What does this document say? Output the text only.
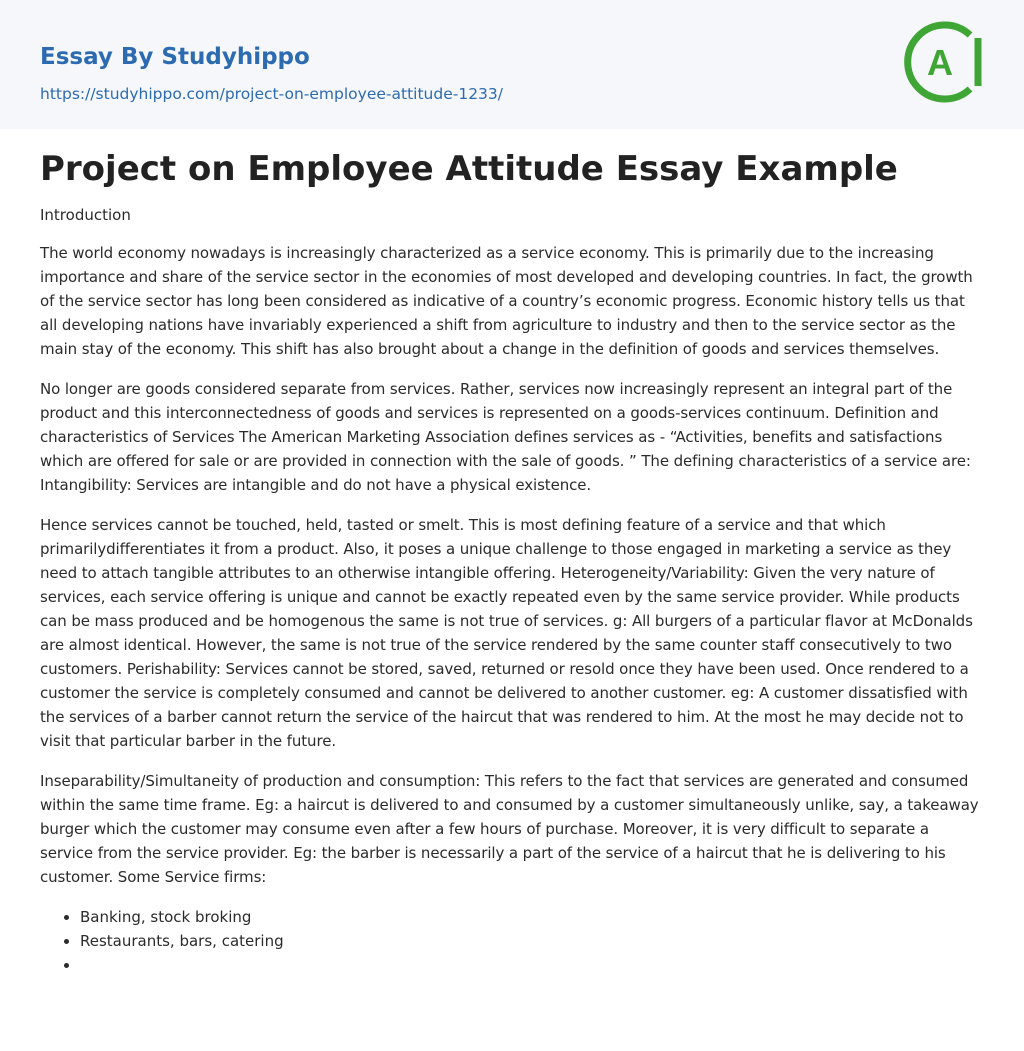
Essay By Studyhippo
https://studyhippo.com/project-on-employee-attitude-1233/
A
Project on Employee Attitude Essay Example
Introduction

The world economy nowadays is increasingly characterized as a service economy. This is primarily due to the increasing importance and share of the service sector in the economies of most developed and developing countries. In fact, the growth of the service sector has long been considered as indicative of a country’s economic progress. Economic history tells us that all developing nations have invariably experienced a shift from agriculture to industry and then to the service sector as the main stay of the economy. This shift has also brought about a change in the definition of goods and services themselves.

No longer are goods considered separate from services. Rather, services now increasingly represent an integral part of the product and this interconnectedness of goods and services is represented on a goods-services continuum. Definition and characteristics of Services The American Marketing Association defines services as - “Activities, benefits and satisfactions which are offered for sale or are provided in connection with the sale of goods. ” The defining characteristics of a service are: Intangibility: Services are intangible and do not have a physical existence.

Hence services cannot be touched, held, tasted or smelt. This is most defining feature of a service and that which primarilydifferentiates it from a product. Also, it poses a unique challenge to those engaged in marketing a service as they need to attach tangible attributes to an otherwise intangible offering. Heterogeneity/Variability: Given the very nature of services, each service offering is unique and cannot be exactly repeated even by the same service provider. While products can be mass produced and be homogenous the same is not true of services. g: All burgers of a particular flavor at McDonalds are almost identical. However, the same is not true of the service rendered by the same counter staff consecutively to two customers. Perishability: Services cannot be stored, saved, returned or resold once they have been used. Once rendered to a customer the service is completely consumed and cannot be delivered to another customer. eg: A customer dissatisfied with the services of a barber cannot return the service of the haircut that was rendered to him. At the most he may decide not to visit that particular barber in the future.

Inseparability/Simultaneity of production and consumption: This refers to the fact that services are generated and consumed within the same time frame. Eg: a haircut is delivered to and consumed by a customer simultaneously unlike, say, a takeaway burger which the customer may consume even after a few hours of purchase. Moreover, it is very difficult to separate a service from the service provider. Eg: the barber is necessarily a part of the service of a haircut that he is delivering to his customer. Some Service firms:

• Banking, stock broking
• Restaurants, bars, catering
•
